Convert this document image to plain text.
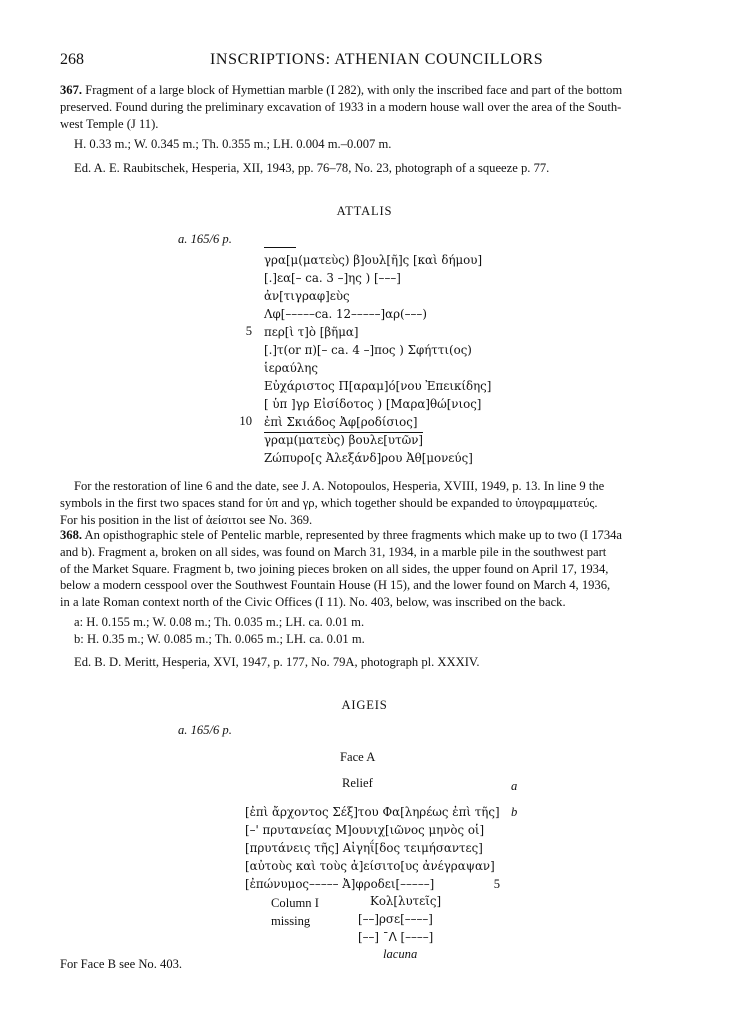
268	INSCRIPTIONS: ATHENIAN COUNCILLORS

367. Fragment of a large block of Hymettian marble (I 282), with only the inscribed face and part of the bottom

preserved. Found during the preliminary excavation of 1933 in a modern house wall over the area of the South-

west Temple (J 11).

H. 0.33 m.; W. 0.345 m.; Th. 0.355 m.; LH. 0.004 m.–0.007 m.
Ed. A. E. Raubitschek, Hesperia, XII, 1943, pp. 76–78, No. 23, photograph of a squeeze p. 77.
ATTALIS
a. 165/6 p.
γρα[μ(ματεὺς) β]ουλ[ῆ]ς [καὶ δήμου]
[.]εα[– ca. 3 –]ης ) [–––]
ἀν[τιγραφ]εὺς
Λφ[–––––ca. 12–––––]αρ(–––)
5 περ[ὶ τ]ὸ [βῆμα]
[.]τ(or π)[– ca. 4 –]πος ) Σφήττι(ος)
ἱεραύλης
Εὐχάριστος Π[αραμ]ό[νου Ἐπεικίδης]
[ ὑπ ]γρ Εἰσίδοτος ) [Μαρα]θώ[νιος]
10 ἐπὶ Σκιάδος Ἀφ[ροδίσιος]
γραμ(ματεὺς) βουλε[υτῶν]
Ζώπυρο[ς Ἀλεξάνδ]ρου Ἀθ[μονεύς]

For the restoration of line 6 and the date, see J. A. Notopoulos, Hesperia, XVIII, 1949, p. 13. In line 9 the

symbols in the first two spaces stand for ὑπ and γρ, which together should be expanded to ὑπογραμματεύς.

For his position in the list of ἀείσιτοι see No. 369.

368. An opisthographic stele of Pentelic marble, represented by three fragments which make up to two (I 1734a

and b). Fragment a, broken on all sides, was found on March 31, 1934, in a marble pile in the southwest part

of the Market Square. Fragment b, two joining pieces broken on all sides, the upper found on April 17, 1934,

below a modern cesspool over the Southwest Fountain House (H 15), and the lower found on March 4, 1936,

in a late Roman context north of the Civic Offices (I 11). No. 403, below, was inscribed on the back.

a: H. 0.155 m.; W. 0.08 m.; Th. 0.035 m.; LH. ca. 0.01 m.
b: H. 0.35 m.; W. 0.085 m.; Th. 0.065 m.; LH. ca. 0.01 m.
Ed. B. D. Meritt, Hesperia, XVI, 1947, p. 177, No. 79A, photograph pl. XXXIV.
AIGEIS
a. 165/6 p.
Face A
Relief	a
b
[ἐπὶ ἄρχοντος Σέξ]του Φα[ληρέως ἐπὶ τῆς]
[–' πρυτανείας Μ]ουνιχ[ιῶνος μηνὸς οἱ]
[πρυτάνεις τῆς] Αἰγηΐ[δος τειμήσαντες]
[αὐτοὺς καὶ τοὺς ἀ]είσιτο[υς ἀνέγραψαν]
[ἐπώνυμος––––– Ἀ]φροδει[–––––]	5
Κολ[λυτεῖς]
Column I
[––]ρσε[––––]
missing
[––] ¯ᐱ [––––]
lacuna
For Face B see No. 403.
